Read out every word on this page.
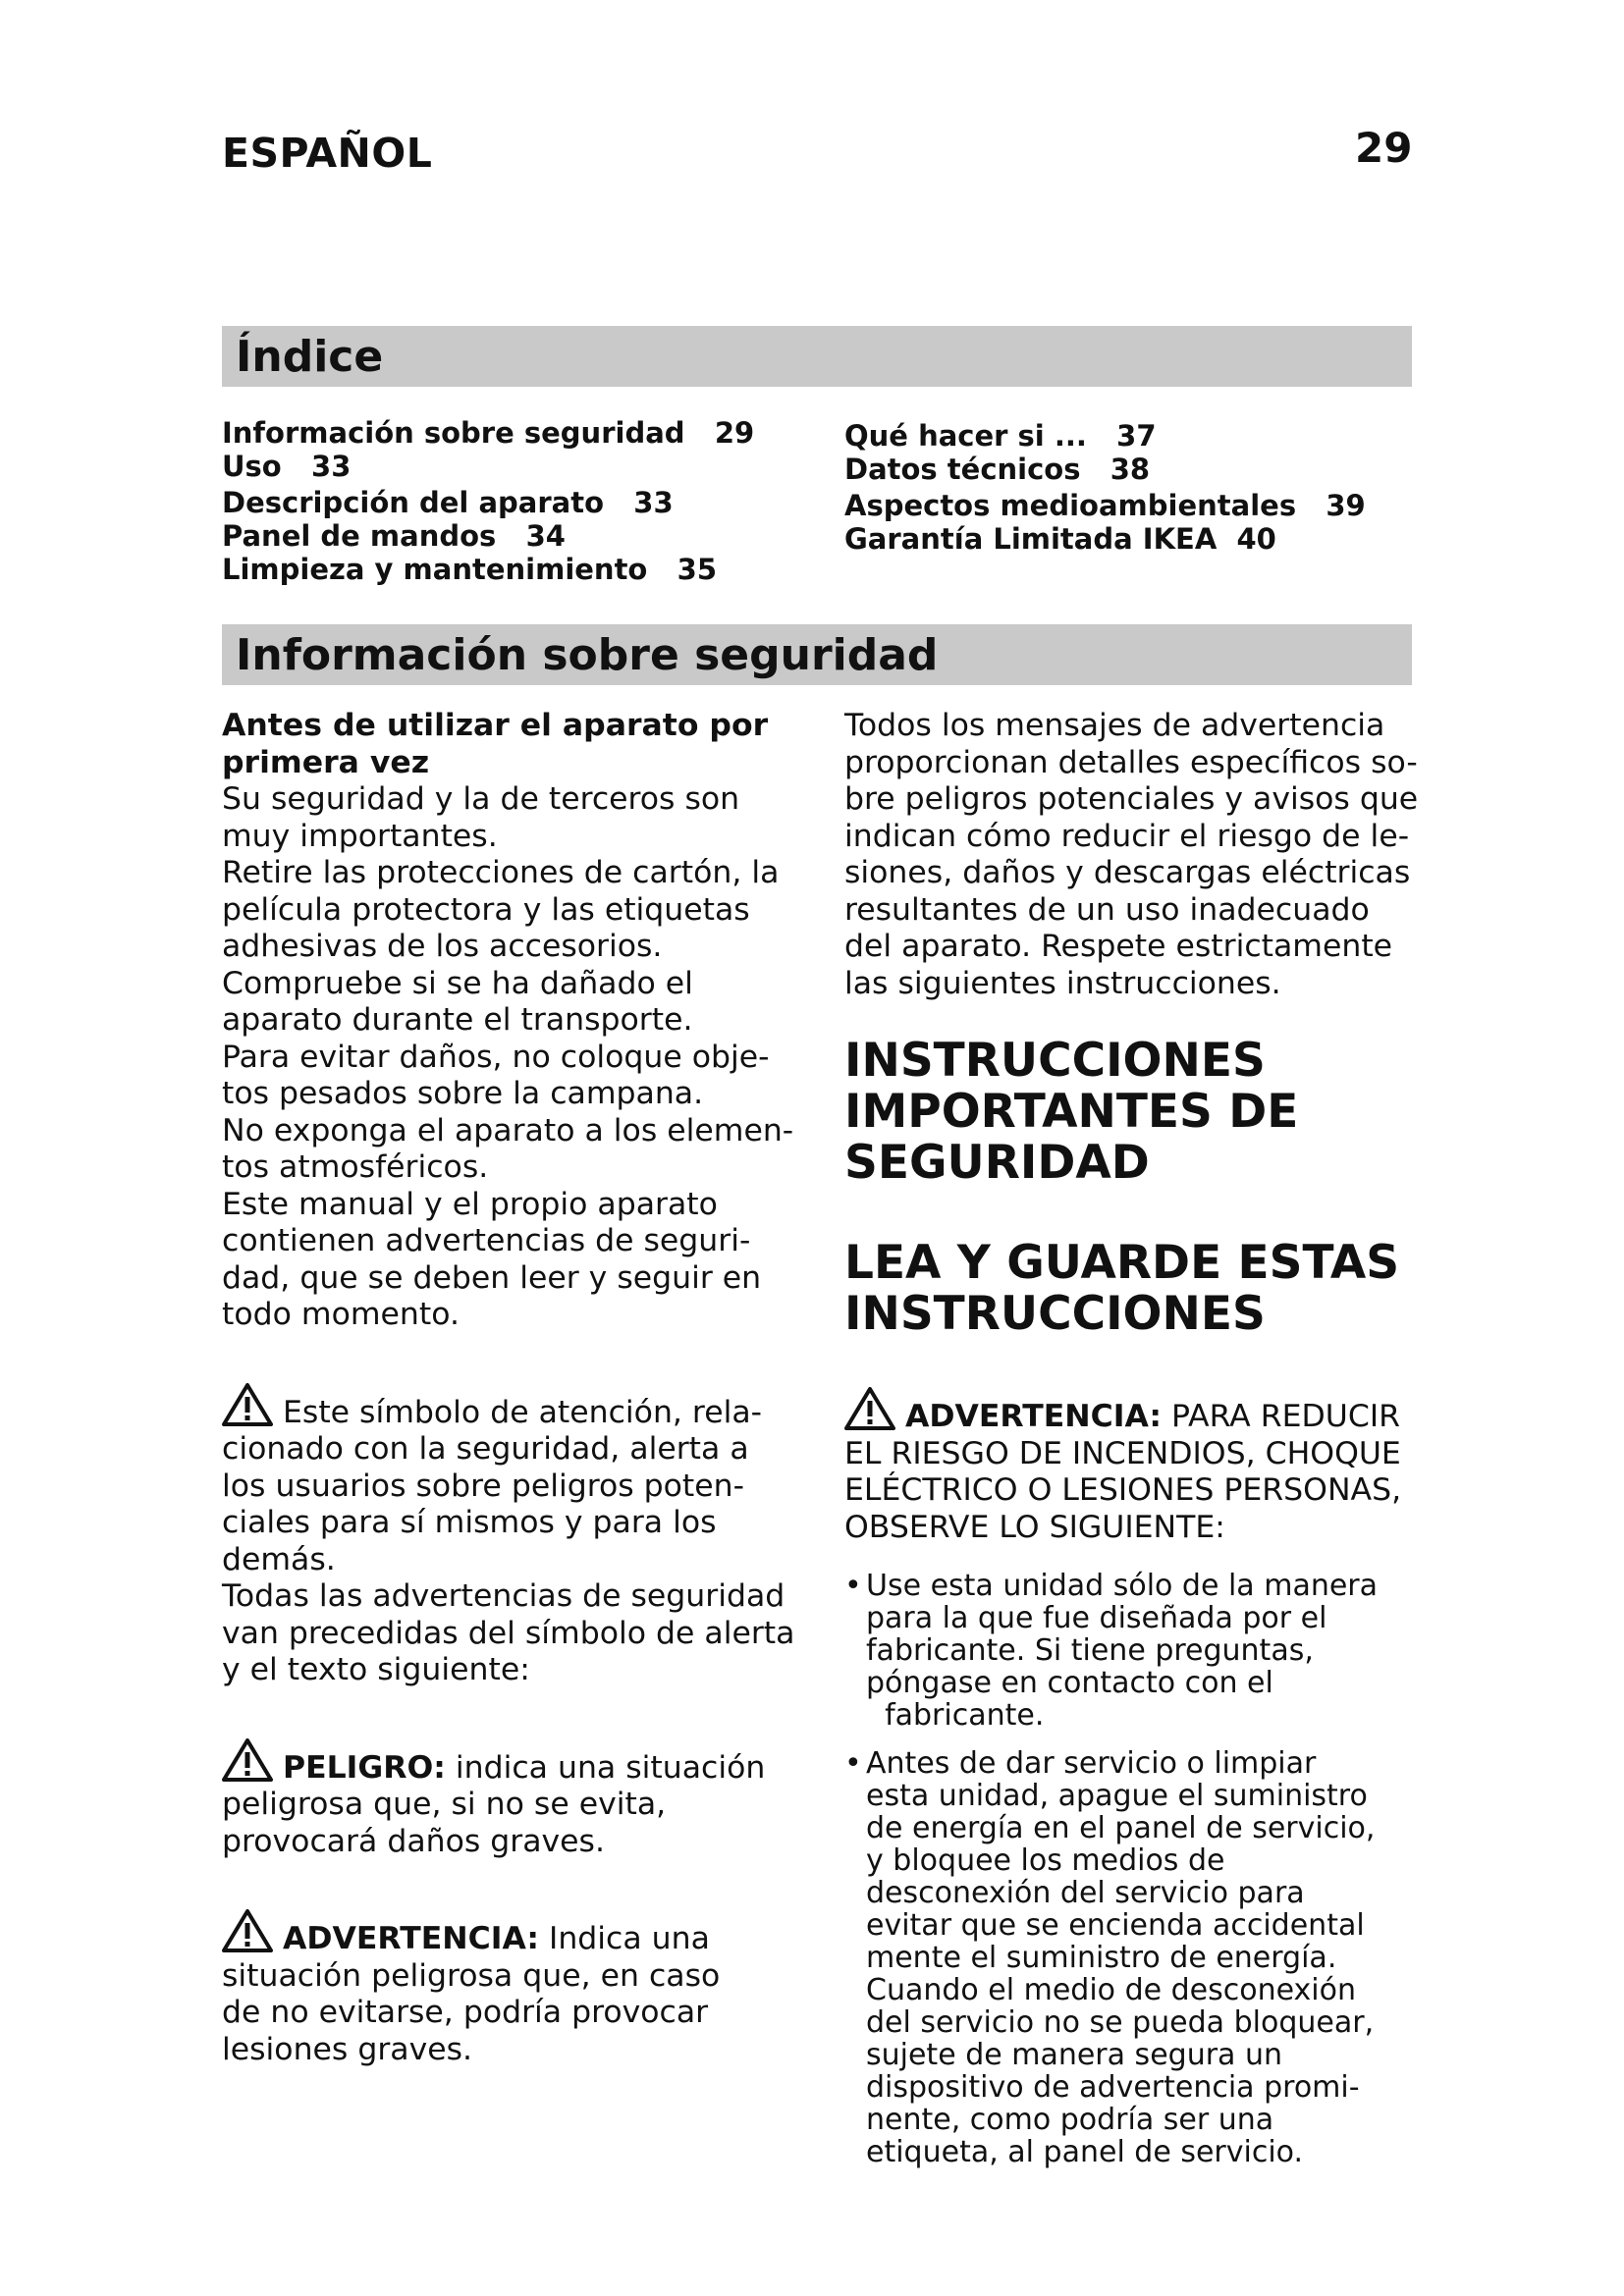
ESPAÑOL	29
Índice
Información sobre seguridad   29
Uso   33
Descripción del aparato   33
Panel de mandos   34
Limpieza y mantenimiento   35
Qué hacer si ...   37
Datos técnicos   38
Aspectos medioambientales   39
Garantía Limitada IKEA  40
Información sobre seguridad

Antes de utilizar el aparato por

primera vez

Su seguridad y la de terceros son

muy importantes.

Retire las protecciones de cartón, la

película protectora y las etiquetas

adhesivas de los accesorios.

Compruebe si se ha dañado el

aparato durante el transporte.

Para evitar daños, no coloque obje-

tos pesados sobre la campana.

No exponga el aparato a los elemen-

tos atmosféricos.

Este manual y el propio aparato

contienen advertencias de seguri-

dad, que se deben leer y seguir en

todo momento.

Este símbolo de atención, rela-

cionado con la seguridad, alerta a

los usuarios sobre peligros poten-

ciales para sí mismos y para los

demás.

Todas las advertencias de seguridad

van precedidas del símbolo de alerta

y el texto siguiente:

PELIGRO: indica una situación

peligrosa que, si no se evita,

provocará daños graves.

ADVERTENCIA: Indica una

situación peligrosa que, en caso

de no evitarse, podría provocar

lesiones graves.

Todos los mensajes de advertencia

proporcionan detalles específicos so-

bre peligros potenciales y avisos que

indican cómo reducir el riesgo de le-

siones, daños y descargas eléctricas

resultantes de un uso inadecuado

del aparato. Respete estrictamente

las siguientes instrucciones.

INSTRUCCIONES
IMPORTANTES DE
SEGURIDAD
LEA Y GUARDE ESTAS
INSTRUCCIONES

ADVERTENCIA: PARA REDUCIR

EL RIESGO DE INCENDIOS, CHOQUE

ELÉCTRICO O LESIONES PERSONAS,

OBSERVE LO SIGUIENTE:

• Use esta unidad sólo de la manera
para la que fue diseñada por el
fabricante. Si tiene preguntas,
póngase en contacto con el
fabricante.
• Antes de dar servicio o limpiar
esta unidad, apague el suministro
de energía en el panel de servicio,
y bloquee los medios de
desconexión del servicio para
evitar que se encienda accidental
mente el suministro de energía.
Cuando el medio de desconexión
del servicio no se pueda bloquear,
sujete de manera segura un
dispositivo de advertencia promi-
nente, como podría ser una
etiqueta, al panel de servicio.
